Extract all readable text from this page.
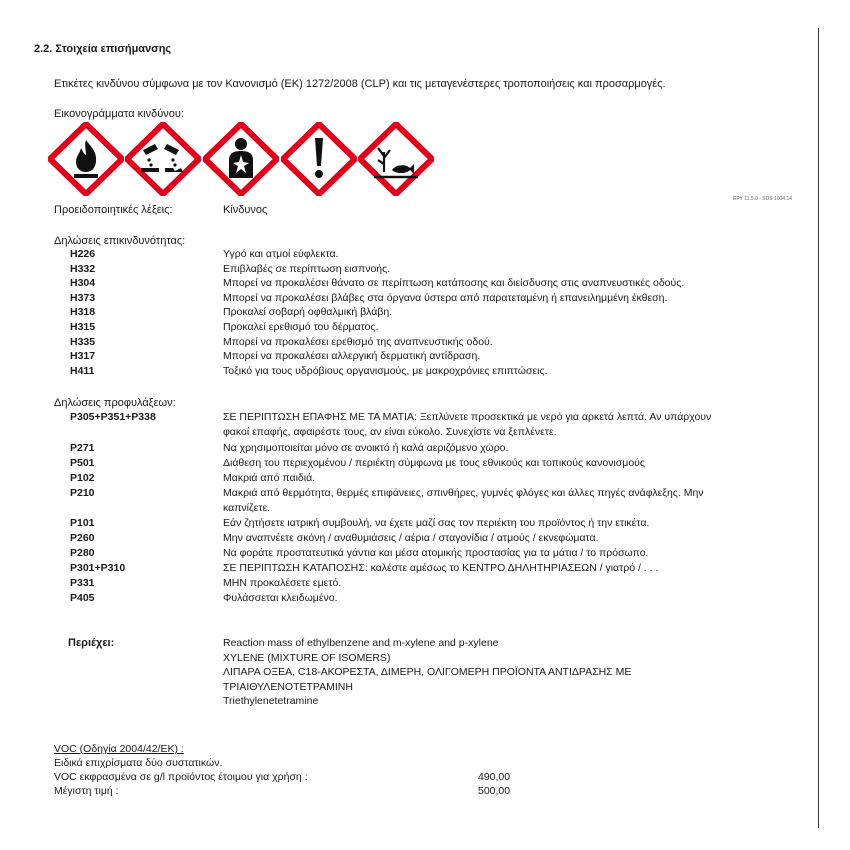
2.2. Στοιχεία επισήμανσης
Ετικέτες κινδύνου σύμφωνα με τον Κανονισμό (ΕΚ) 1272/2008 (CLP) και τις μεταγενέστερες τροποποιήσεις και προσαρμογές.
Εικονογράμματα κινδύνου:
EPY 11.5.0 - SDS 1004.14
Προειδοποιητικές λέξεις:	Κίνδυνος
Δηλώσεις επικινδυνότητας:
H226	Υγρό και ατμοί εύφλεκτα.
H332	Επιβλαβές σε περίπτωση εισπνοής.
H304	Μπορεί να προκαλέσει θάνατο σε περίπτωση κατάποσης και διείσδυσης στις αναπνευστικές οδούς.
H373	Μπορεί να προκαλέσει βλάβες στα όργανα ύστερα από παρατεταμένη ή επανειλημμένη έκθεση.
H318	Προκαλεί σοβαρή οφθαλμική βλάβη.
H315	Προκαλεί ερεθισμό του δέρματος.
H335	Μπορεί να προκαλέσει ερεθισμό της αναπνευστικής οδού.
H317	Μπορεί να προκαλέσει αλλεργική δερματική αντίδραση.
H411	Τοξικό για τους υδρόβιους οργανισμούς, με μακροχρόνιες επιπτώσεις.
Δηλώσεις προφυλάξεων:
P305+P351+P338	ΣΕ ΠΕΡΙΠΤΩΣΗ ΕΠΑΦΗΣ ΜΕ ΤΑ ΜΑΤΙΑ: Ξεπλύνετε προσεκτικά με νερό για αρκετά λεπτά. Αν υπάρχουν
φακοί επαφής, αφαιρέστε τους, αν είναι εύκολο. Συνεχίστε να ξεπλένετε.
P271	Να χρησιμοποιείται μόνο σε ανοικτό ή καλά αεριζόμενο χώρο.
P501	Διάθεση του περιεχομένου / περιέκτη σύμφωνα με τους εθνικούς και τοπικούς κανονισμούς
P102	Μακριά από παιδιά.
P210	Μακριά από θερμότητα, θερμές επιφάνειες, σπινθήρες, γυμνές φλόγες και άλλες πηγές ανάφλεξης. Μην
καπνίζετε.
P101	Εάν ζητήσετε ιατρική συμβουλή, να έχετε μαζί σας τον περιέκτη του προϊόντος ή την ετικέτα.
P260	Μην αναπνέετε σκόνη / αναθυμιάσεις / αέρια / σταγονίδια / ατμούς / εκνεφώματα.
P280	Να φοράτε προστατευτικά γάντια και μέσα ατομικής προστασίας για τα μάτια / το πρόσωπο.
P301+P310	ΣΕ ΠΕΡΙΠΤΩΣΗ ΚΑΤΑΠΟΣΗΣ: καλέστε αμέσως το ΚΕΝΤΡΟ ΔΗΛΗΤΗΡΙΑΣΕΩΝ / γιατρό / . . .
P331	ΜΗΝ προκαλέσετε εμετό.
P405	Φυλάσσεται κλειδωμένο.
Περιέχει:	Reaction mass of ethylbenzene and m-xylene and p-xylene
XYLENE (MIXTURE OF ISOMERS)
ΛΙΠΑΡΑ ΟΞΕΑ, C18-ΑΚΟΡΕΣΤΑ, ΔΙΜΕΡΗ, ΟΛΙΓΟΜΕΡΗ ΠΡΟΪΟΝΤΑ ΑΝΤΙΔΡΑΣΗΣ ΜΕ
ΤΡΙΑΙΘΥΛΕΝΟΤΕΤΡΑΜΙΝΗ
Triethylenetetramine
VOC (Οδηγία 2004/42/ΕΚ) :
Ειδικά επιχρίσματα δύο συστατικών.
VOC εκφρασμένα σε g/l προϊόντος έτοιμου για χρήση :	490,00
Μέγιστη τιμή :	500,00
